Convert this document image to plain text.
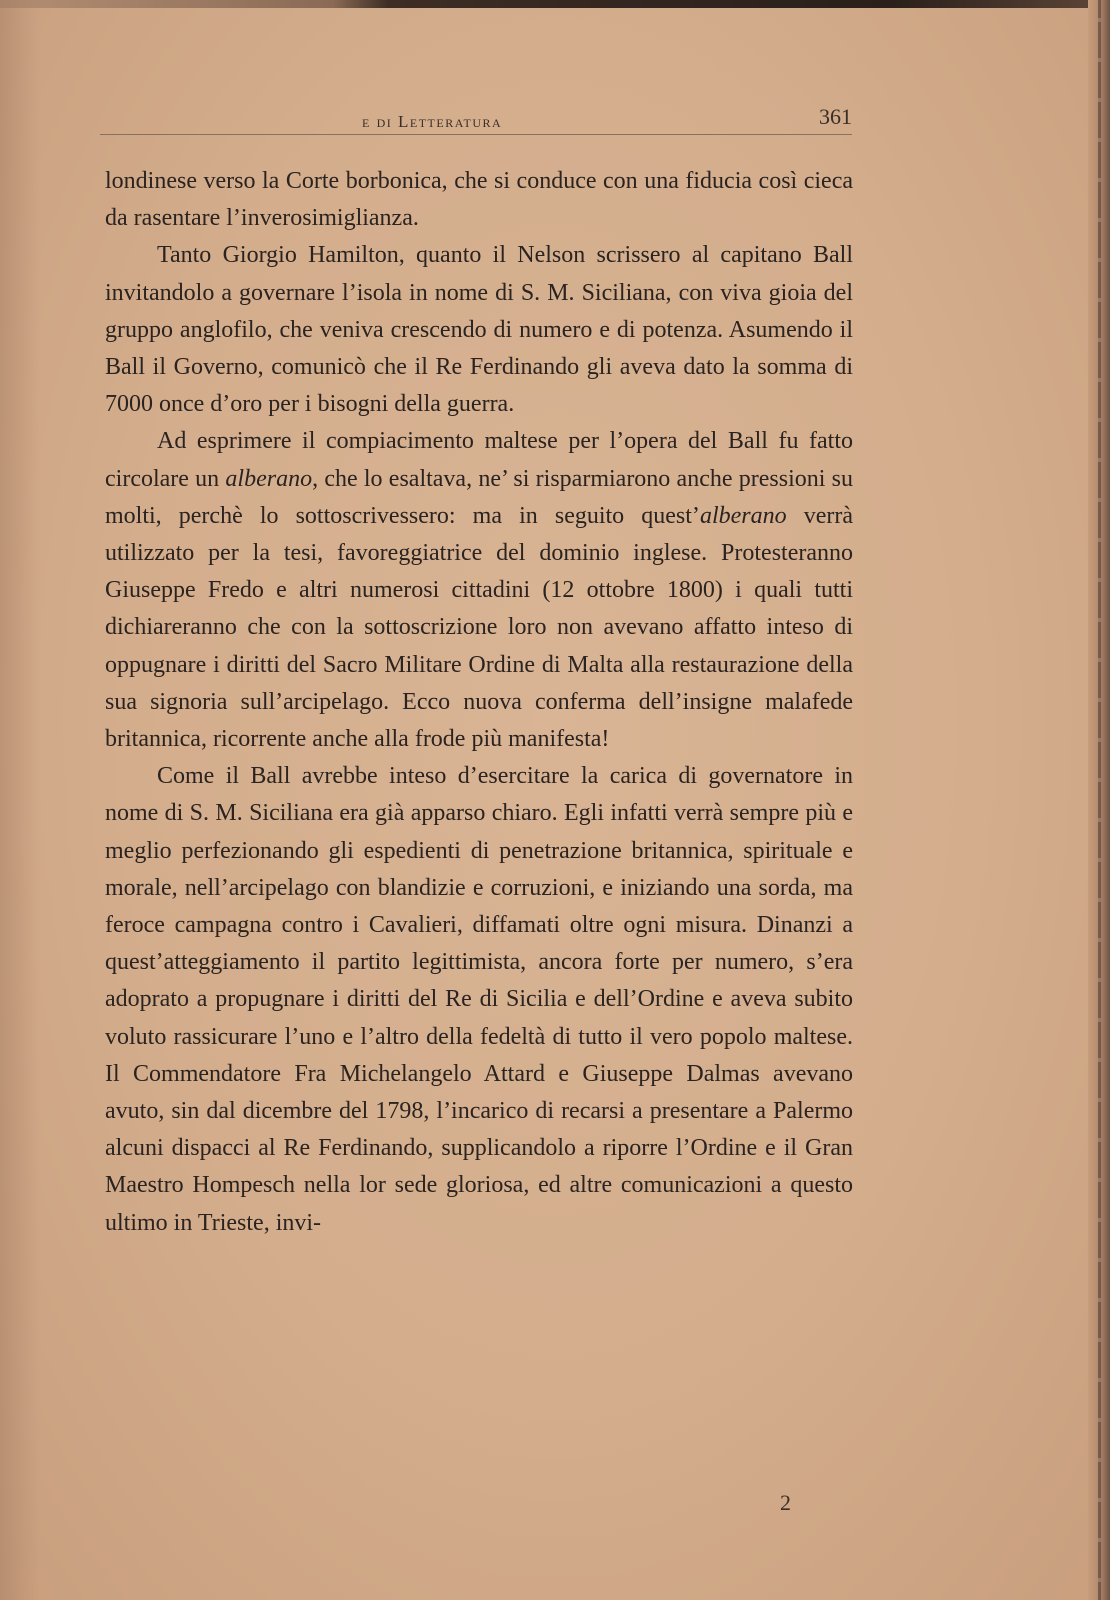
e di Letteratura	361

londinese verso la Corte borbonica, che si conduce con una fiducia così cieca da rasentare l’inverosimiglianza.

Tanto Giorgio Hamilton, quanto il Nelson scrissero al capitano Ball invitandolo a governare l’isola in nome di S. M. Siciliana, con viva gioia del gruppo anglofilo, che veniva crescendo di numero e di potenza. Asumendo il Ball il Governo, comunicò che il Re Ferdinando gli aveva dato la somma di 7000 once d’oro per i bisogni della guerra.

Ad esprimere il compiacimento maltese per l’opera del Ball fu fatto circolare un alberano, che lo esaltava, ne’ si risparmiarono anche pressioni su molti, perchè lo sottoscrivessero: ma in seguito quest’alberano verrà utilizzato per la tesi, favoreggiatrice del dominio inglese. Protesteranno Giuseppe Fredo e altri numerosi cittadini (12 ottobre 1800) i quali tutti dichiareranno che con la sottoscrizione loro non avevano affatto inteso di oppugnare i diritti del Sacro Militare Ordine di Malta alla restaurazione della sua signoria sull’arcipelago. Ecco nuova conferma dell’insigne malafede britannica, ricorrente anche alla frode più manifesta!

Come il Ball avrebbe inteso d’esercitare la carica di governatore in nome di S. M. Siciliana era già apparso chiaro. Egli infatti verrà sempre più e meglio perfezionando gli espedienti di penetrazione britannica, spirituale e morale, nell’arcipelago con blandizie e corruzioni, e iniziando una sorda, ma feroce campagna contro i Cavalieri, diffamati oltre ogni misura. Dinanzi a quest’atteggiamento il partito legittimista, ancora forte per numero, s’era adoprato a propugnare i diritti del Re di Sicilia e dell’Ordine e aveva subito voluto rassicurare l’uno e l’altro della fedeltà di tutto il vero popolo maltese. Il Commendatore Fra Michelangelo Attard e Giuseppe Dalmas avevano avuto, sin dal dicembre del 1798, l’incarico di recarsi a presentare a Palermo alcuni dispacci al Re Ferdinando, supplicandolo a riporre l’Ordine e il Gran Maestro Hompesch nella lor sede gloriosa, ed altre comunicazioni a questo ultimo in Trieste, invi-

2
